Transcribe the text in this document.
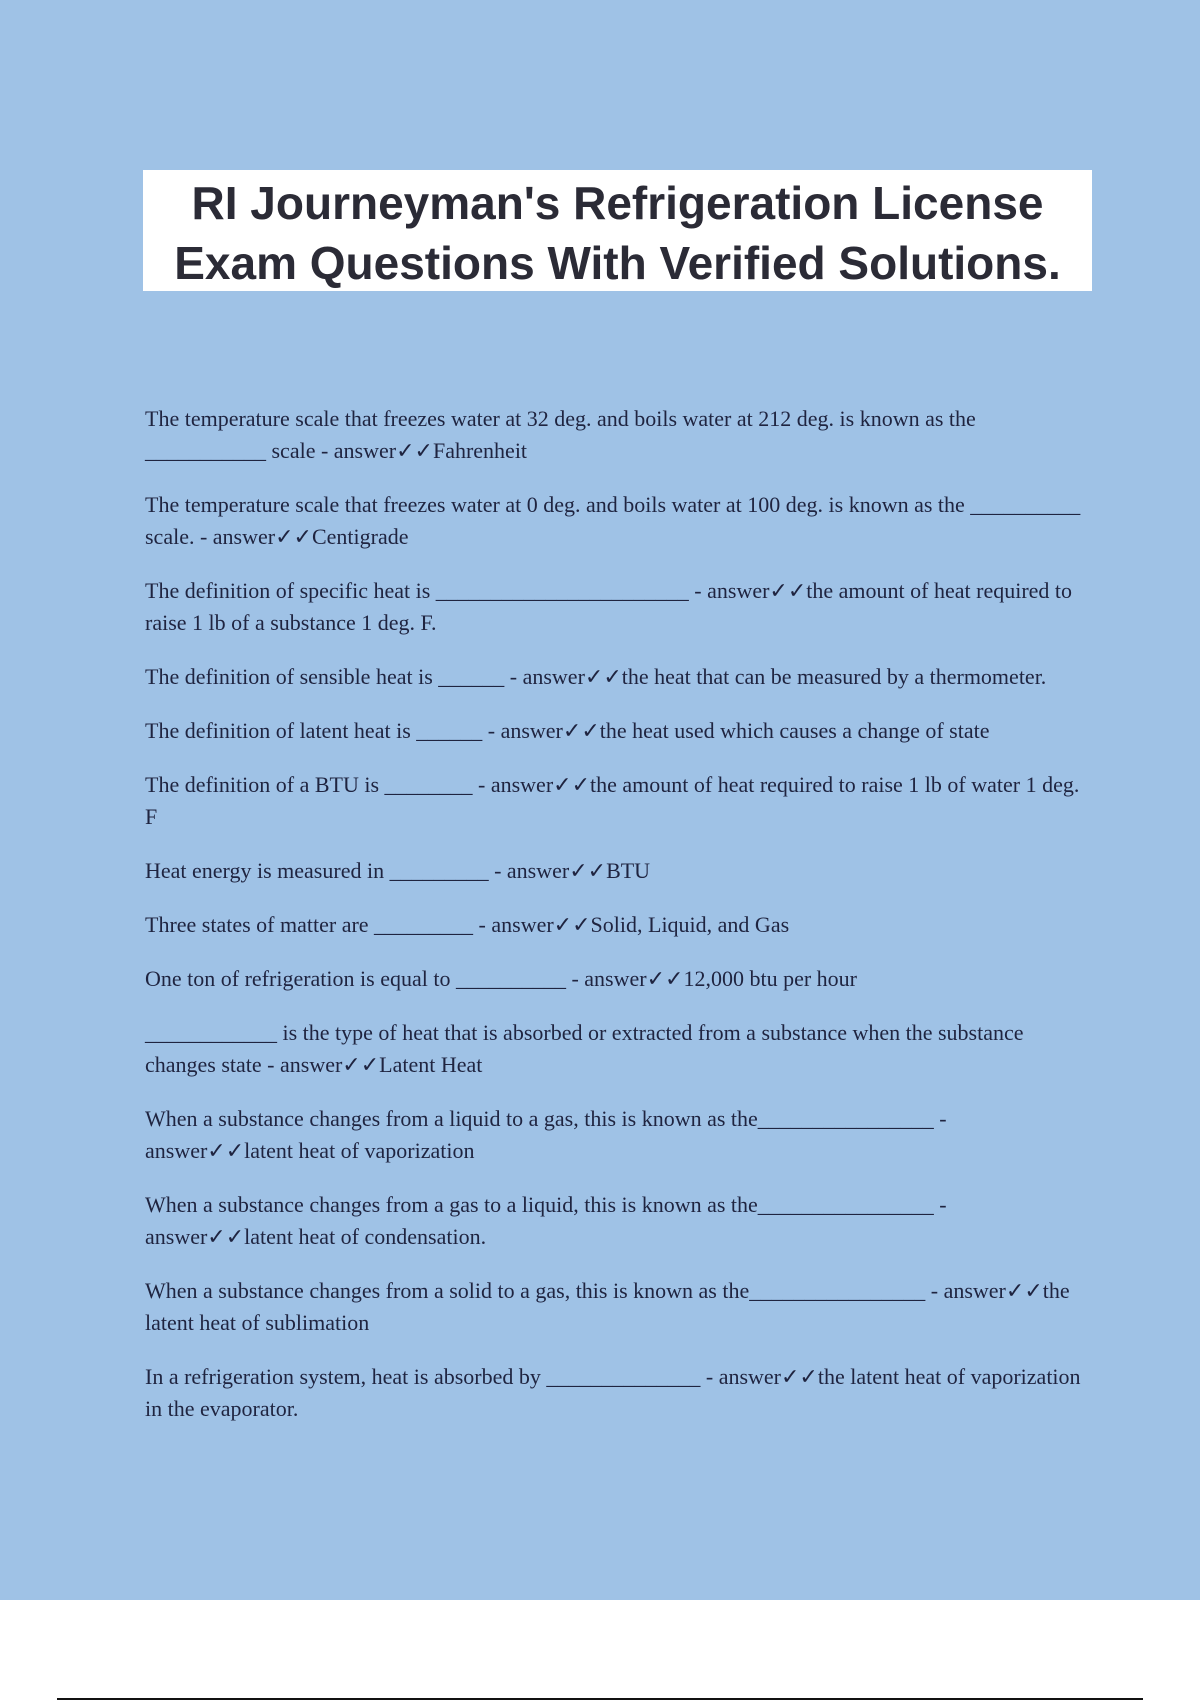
RI Journeyman's Refrigeration License
Exam Questions With Verified Solutions.

The temperature scale that freezes water at 32 deg. and boils water at 212 deg. is known as the ___________ scale - answer✓✓Fahrenheit

The temperature scale that freezes water at 0 deg. and boils water at 100 deg. is known as the __________ scale. - answer✓✓Centigrade

The definition of specific heat is _______________________ - answer✓✓the amount of heat required to raise 1 lb of a substance 1 deg. F.

The definition of sensible heat is ______ - answer✓✓the heat that can be measured by a thermometer.

The definition of latent heat is ______ - answer✓✓the heat used which causes a change of state

The definition of a BTU is ________ - answer✓✓the amount of heat required to raise 1 lb of water 1 deg. F

Heat energy is measured in _________ - answer✓✓BTU

Three states of matter are _________ - answer✓✓Solid, Liquid, and Gas

One ton of refrigeration is equal to __________ - answer✓✓12,000 btu per hour

____________ is the type of heat that is absorbed or extracted from a substance when the substance changes state - answer✓✓Latent Heat

When a substance changes from a liquid to a gas, this is known as the________________ - answer✓✓latent heat of vaporization

When a substance changes from a gas to a liquid, this is known as the________________ - answer✓✓latent heat of condensation.

When a substance changes from a solid to a gas, this is known as the________________ - answer✓✓the latent heat of sublimation

In a refrigeration system, heat is absorbed by ______________ - answer✓✓the latent heat of vaporization in the evaporator.
